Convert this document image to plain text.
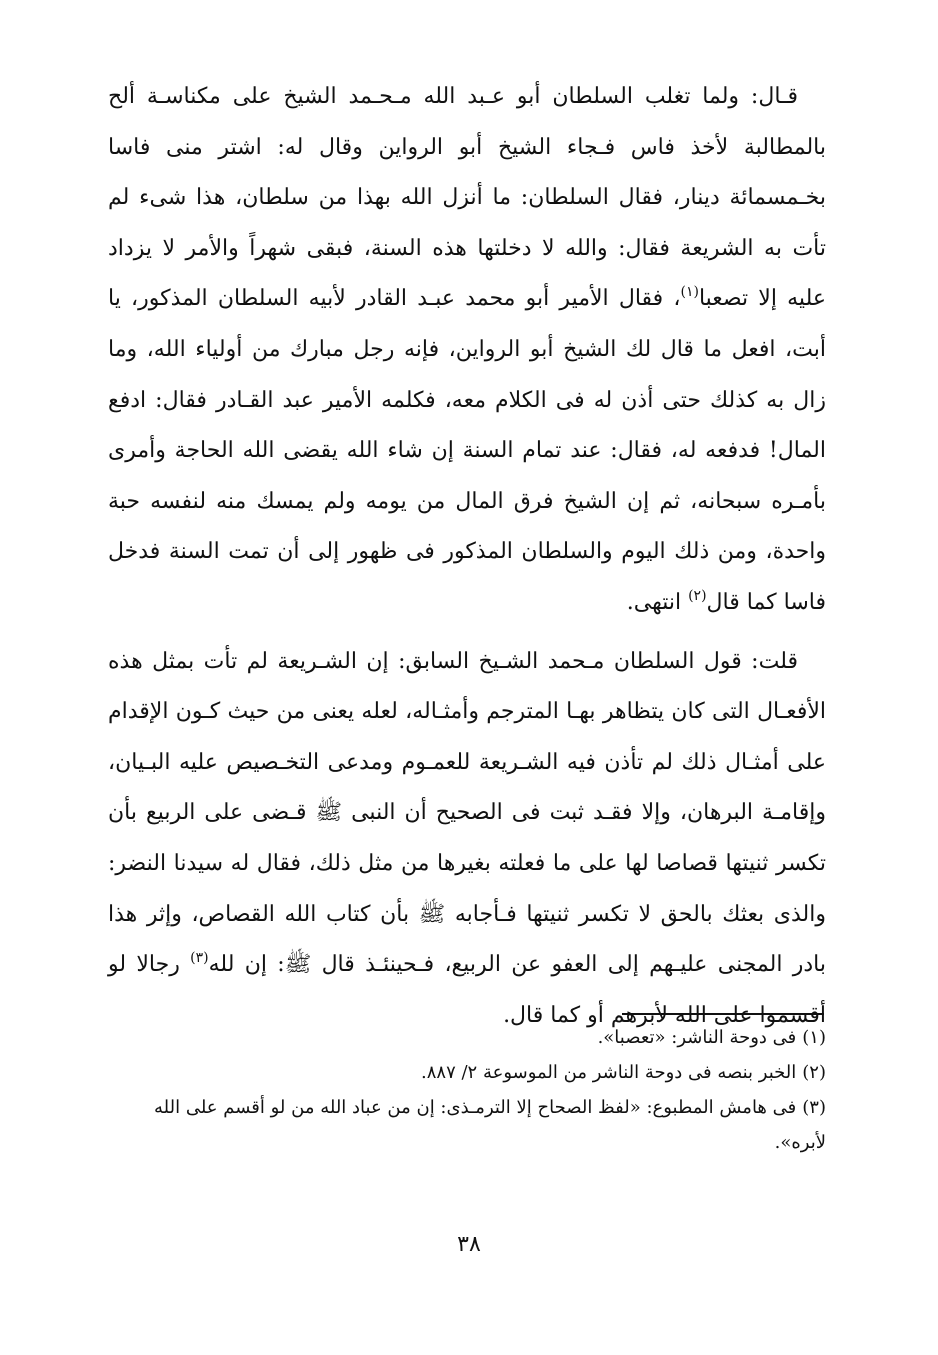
قـال: ولما تغلب السلطان أبو عـبد الله مـحـمد الشيخ على مكناسـة ألح بالمطالبة لأخذ فاس فـجاء الشيخ أبو الرواين وقال له: اشتر منى فاسا بخـمسمائة دينار، فقال السلطان: ما أنزل الله بهذا من سلطان، هذا شىء لم تأت به الشريعة فقال: والله لا دخلتها هذه السنة، فبقى شهراً والأمر لا يزداد عليه إلا تصعبا$^{(١)}$، فقال الأمير أبو محمد عبـد القادر لأبيه السلطان المذكور، يا أبت، افعل ما قال لك الشيخ أبو الرواين، فإنه رجل مبارك من أولياء الله، وما زال به كذلك حتى أذن له فى الكلام معه، فكلمه الأمير عبد القـادر فقال: ادفع المال! فدفعه له، فقال: عند تمام السنة إن شاء الله يقضى الله الحاجة وأمرى بأمـره سبحانه، ثم إن الشيخ فرق المال من يومه ولم يمسك منه لنفسه حبة واحدة، ومن ذلك اليوم والسلطان المذكور فى ظهور إلى أن تمت السنة فدخل فاسا كما قال$^{(٢)}$ انتهى.

قلت: قول السلطان مـحمد الشـيخ السابق: إن الشـريعة لم تأت بمثل هذه الأفعـال التى كان يتظاهر بهـا المترجم وأمثـاله، لعله يعنى من حيث كـون الإقدام على أمثـال ذلك لم تأذن فيه الشـريعة للعمـوم ومدعى التخـصيص عليه البـيان، وإقامـة البرهان، وإلا فقـد ثبت فى الصحيح أن النبى ﷺ قـضى على الربيع بأن تكسر ثنيتها قصاصا لها على ما فعلته بغيرها من مثل ذلك، فقال له سيدنا النضر: والذى بعثك بالحق لا تكسر ثنيتها فـأجابه ﷺ بأن كتاب الله القصاص، وإثر هذا بادر المجنى عليـهم إلى العفو عن الربيع، فـحينئـذ قال ﷺ: إن لله$^{(٣)}$ رجالا لو أقسموا على الله لأبرهم أو كما قال.

(١)فى دوحة الناشر: «تعصبا».

(٢)الخبر بنصه فى دوحة الناشر من الموسوعة ٢/ ٨٨٧.

(٣)فى هامش المطبوع: «لفظ الصحاح إلا الترمـذى: إن من عباد الله من لو أقسم على الله لأبره».

٣٨
